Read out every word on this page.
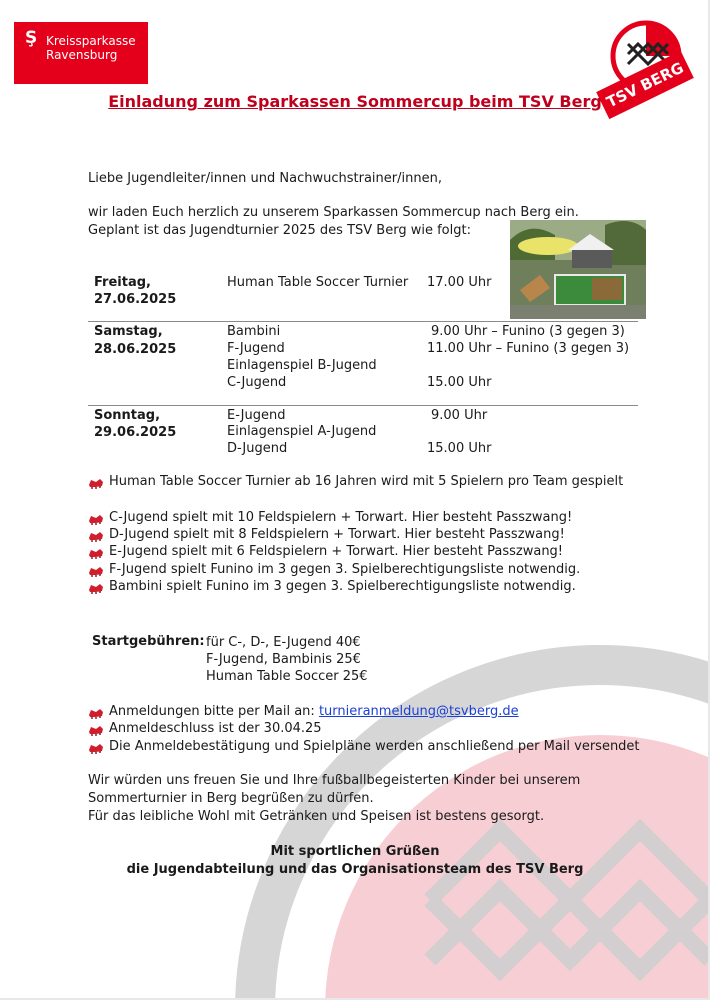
Ş Kreissparkasse
Ravensburg
TSV BERG
Einladung zum Sparkassen Sommercup beim TSV Berg
Liebe Jugendleiter/innen und Nachwuchstrainer/innen,
wir laden Euch herzlich zu unserem Sparkassen Sommercup nach Berg ein.
Geplant ist das Jugendturnier 2025 des TSV Berg wie folgt:
Freitag,
27.06.2025
Human Table Soccer Turnier 17.00 Uhr
Samstag,
28.06.2025
Bambini	9.00 Uhr – Funino (3 gegen 3)
F-Jugend	11.00 Uhr – Funino (3 gegen 3)
Einlagenspiel B-Jugend
C-Jugend	15.00 Uhr
Sonntag,
29.06.2025
E-Jugend	9.00 Uhr
Einlagenspiel A-Jugend
D-Jugend	15.00 Uhr
Human Table Soccer Turnier ab 16 Jahren wird mit 5 Spielern pro Team gespielt
C-Jugend spielt mit 10 Feldspielern + Torwart. Hier besteht Passzwang!
D-Jugend spielt mit 8 Feldspielern + Torwart. Hier besteht Passzwang!
E-Jugend spielt mit 6 Feldspielern + Torwart. Hier besteht Passzwang!
F-Jugend spielt Funino im 3 gegen 3. Spielberechtigungsliste notwendig.
Bambini spielt Funino im 3 gegen 3. Spielberechtigungsliste notwendig.
Startgebühren: für C-, D-, E-Jugend 40€
F-Jugend, Bambinis 25€
Human Table Soccer 25€
Anmeldungen bitte per Mail an: turnieranmeldung@tsvberg.de
Anmeldeschluss ist der 30.04.25
Die Anmeldebestätigung und Spielpläne werden anschließend per Mail versendet
Wir würden uns freuen Sie und Ihre fußballbegeisterten Kinder bei unserem
Sommerturnier in Berg begrüßen zu dürfen.
Für das leibliche Wohl mit Getränken und Speisen ist bestens gesorgt.
Mit sportlichen Grüßen
die Jugendabteilung und das Organisationsteam des TSV Berg
